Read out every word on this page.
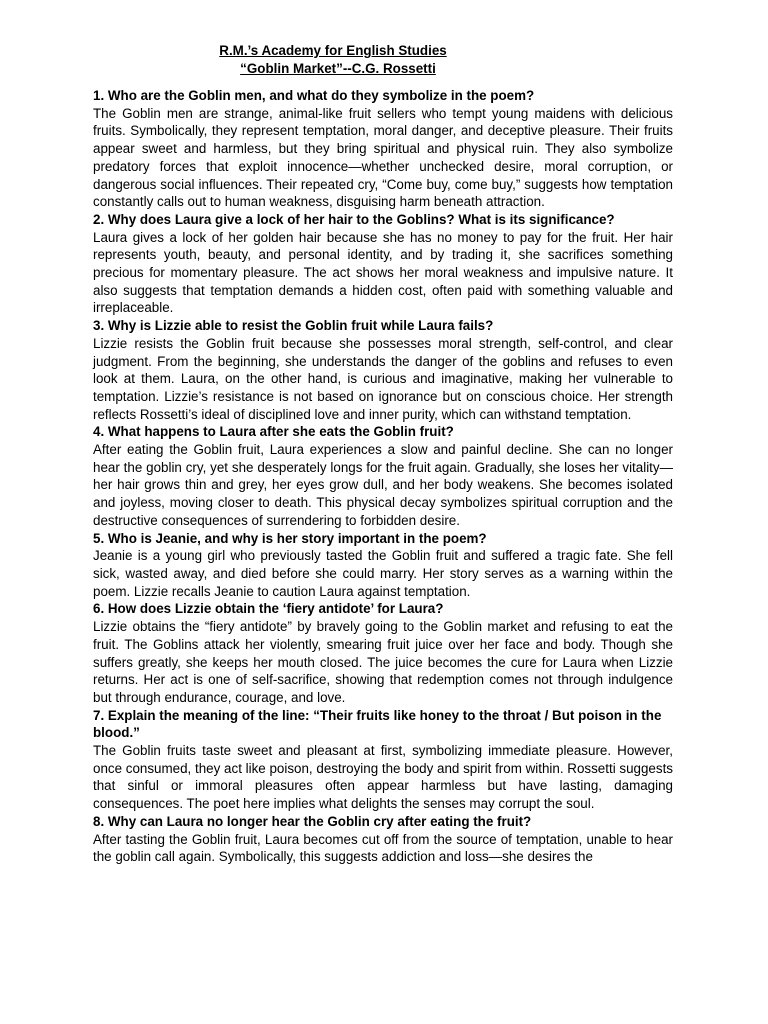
R.M.’s Academy for English Studies
“Goblin Market”--C.G. Rossetti

1. Who are the Goblin men, and what do they symbolize in the poem?

The Goblin men are strange, animal-like fruit sellers who tempt young maidens with delicious fruits. Symbolically, they represent temptation, moral danger, and deceptive pleasure. Their fruits appear sweet and harmless, but they bring spiritual and physical ruin. They also symbolize predatory forces that exploit innocence—whether unchecked desire, moral corruption, or dangerous social influences. Their repeated cry, “Come buy, come buy,” suggests how temptation constantly calls out to human weakness, disguising harm beneath attraction.

2. Why does Laura give a lock of her hair to the Goblins? What is its significance?

Laura gives a lock of her golden hair because she has no money to pay for the fruit. Her hair represents youth, beauty, and personal identity, and by trading it, she sacrifices something precious for momentary pleasure. The act shows her moral weakness and impulsive nature. It also suggests that temptation demands a hidden cost, often paid with something valuable and irreplaceable.

3. Why is Lizzie able to resist the Goblin fruit while Laura fails?

Lizzie resists the Goblin fruit because she possesses moral strength, self-control, and clear judgment. From the beginning, she understands the danger of the goblins and refuses to even look at them. Laura, on the other hand, is curious and imaginative, making her vulnerable to temptation. Lizzie’s resistance is not based on ignorance but on conscious choice. Her strength reflects Rossetti’s ideal of disciplined love and inner purity, which can withstand temptation.

4. What happens to Laura after she eats the Goblin fruit?

After eating the Goblin fruit, Laura experiences a slow and painful decline. She can no longer hear the goblin cry, yet she desperately longs for the fruit again. Gradually, she loses her vitality—her hair grows thin and grey, her eyes grow dull, and her body weakens. She becomes isolated and joyless, moving closer to death. This physical decay symbolizes spiritual corruption and the destructive consequences of surrendering to forbidden desire.

5. Who is Jeanie, and why is her story important in the poem?

Jeanie is a young girl who previously tasted the Goblin fruit and suffered a tragic fate. She fell sick, wasted away, and died before she could marry. Her story serves as a warning within the poem. Lizzie recalls Jeanie to caution Laura against temptation.

6. How does Lizzie obtain the ‘fiery antidote’ for Laura?

Lizzie obtains the “fiery antidote” by bravely going to the Goblin market and refusing to eat the fruit. The Goblins attack her violently, smearing fruit juice over her face and body. Though she suffers greatly, she keeps her mouth closed. The juice becomes the cure for Laura when Lizzie returns. Her act is one of self-sacrifice, showing that redemption comes not through indulgence but through endurance, courage, and love.

7. Explain the meaning of the line: “Their fruits like honey to the throat / But poison in the blood.”

The Goblin fruits taste sweet and pleasant at first, symbolizing immediate pleasure. However, once consumed, they act like poison, destroying the body and spirit from within. Rossetti suggests that sinful or immoral pleasures often appear harmless but have lasting, damaging consequences. The poet here implies what delights the senses may corrupt the soul.

8. Why can Laura no longer hear the Goblin cry after eating the fruit?

After tasting the Goblin fruit, Laura becomes cut off from the source of temptation, unable to hear the goblin call again. Symbolically, this suggests addiction and loss—she desires the
